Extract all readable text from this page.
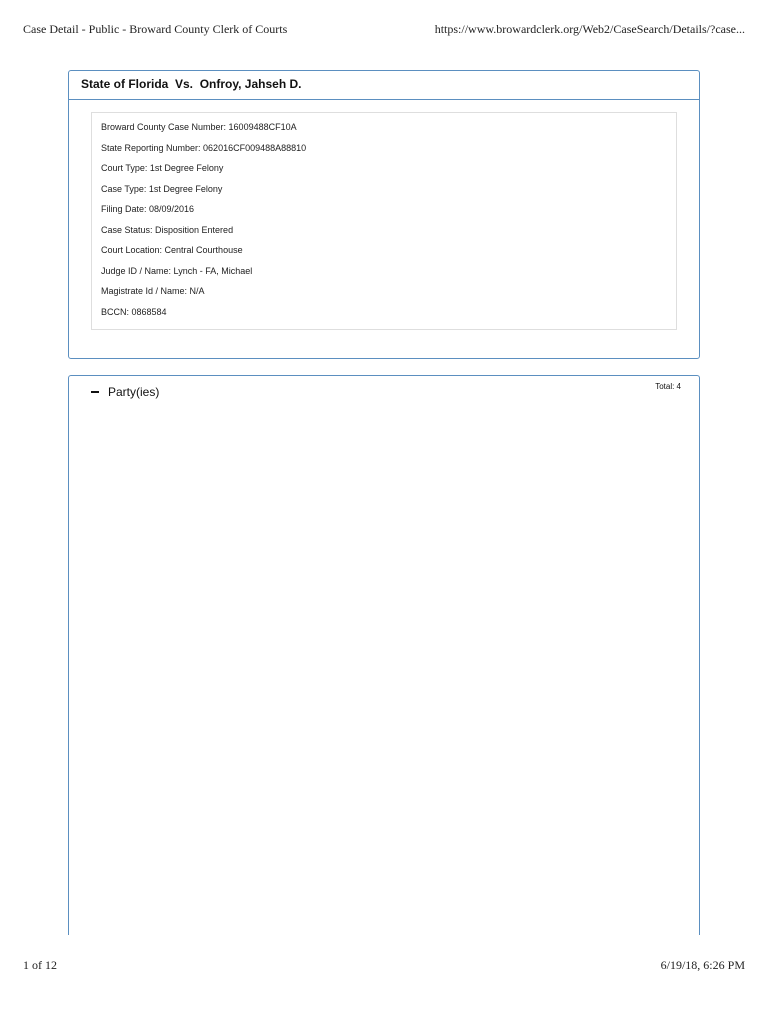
Case Detail - Public - Broward County Clerk of Courts	https://www.browardclerk.org/Web2/CaseSearch/Details/?case...
State of Florida  Vs.  Onfroy, Jahseh D.
Broward County Case Number: 16009488CF10A
State Reporting Number: 062016CF009488A88810
Court Type: 1st Degree Felony
Case Type: 1st Degree Felony
Filing Date: 08/09/2016
Case Status: Disposition Entered
Court Location: Central Courthouse
Judge ID / Name: Lynch - FA, Michael
Magistrate Id / Name: N/A
BCCN: 0868584
Party(ies)	Total: 4
1 of 12	6/19/18, 6:26 PM
